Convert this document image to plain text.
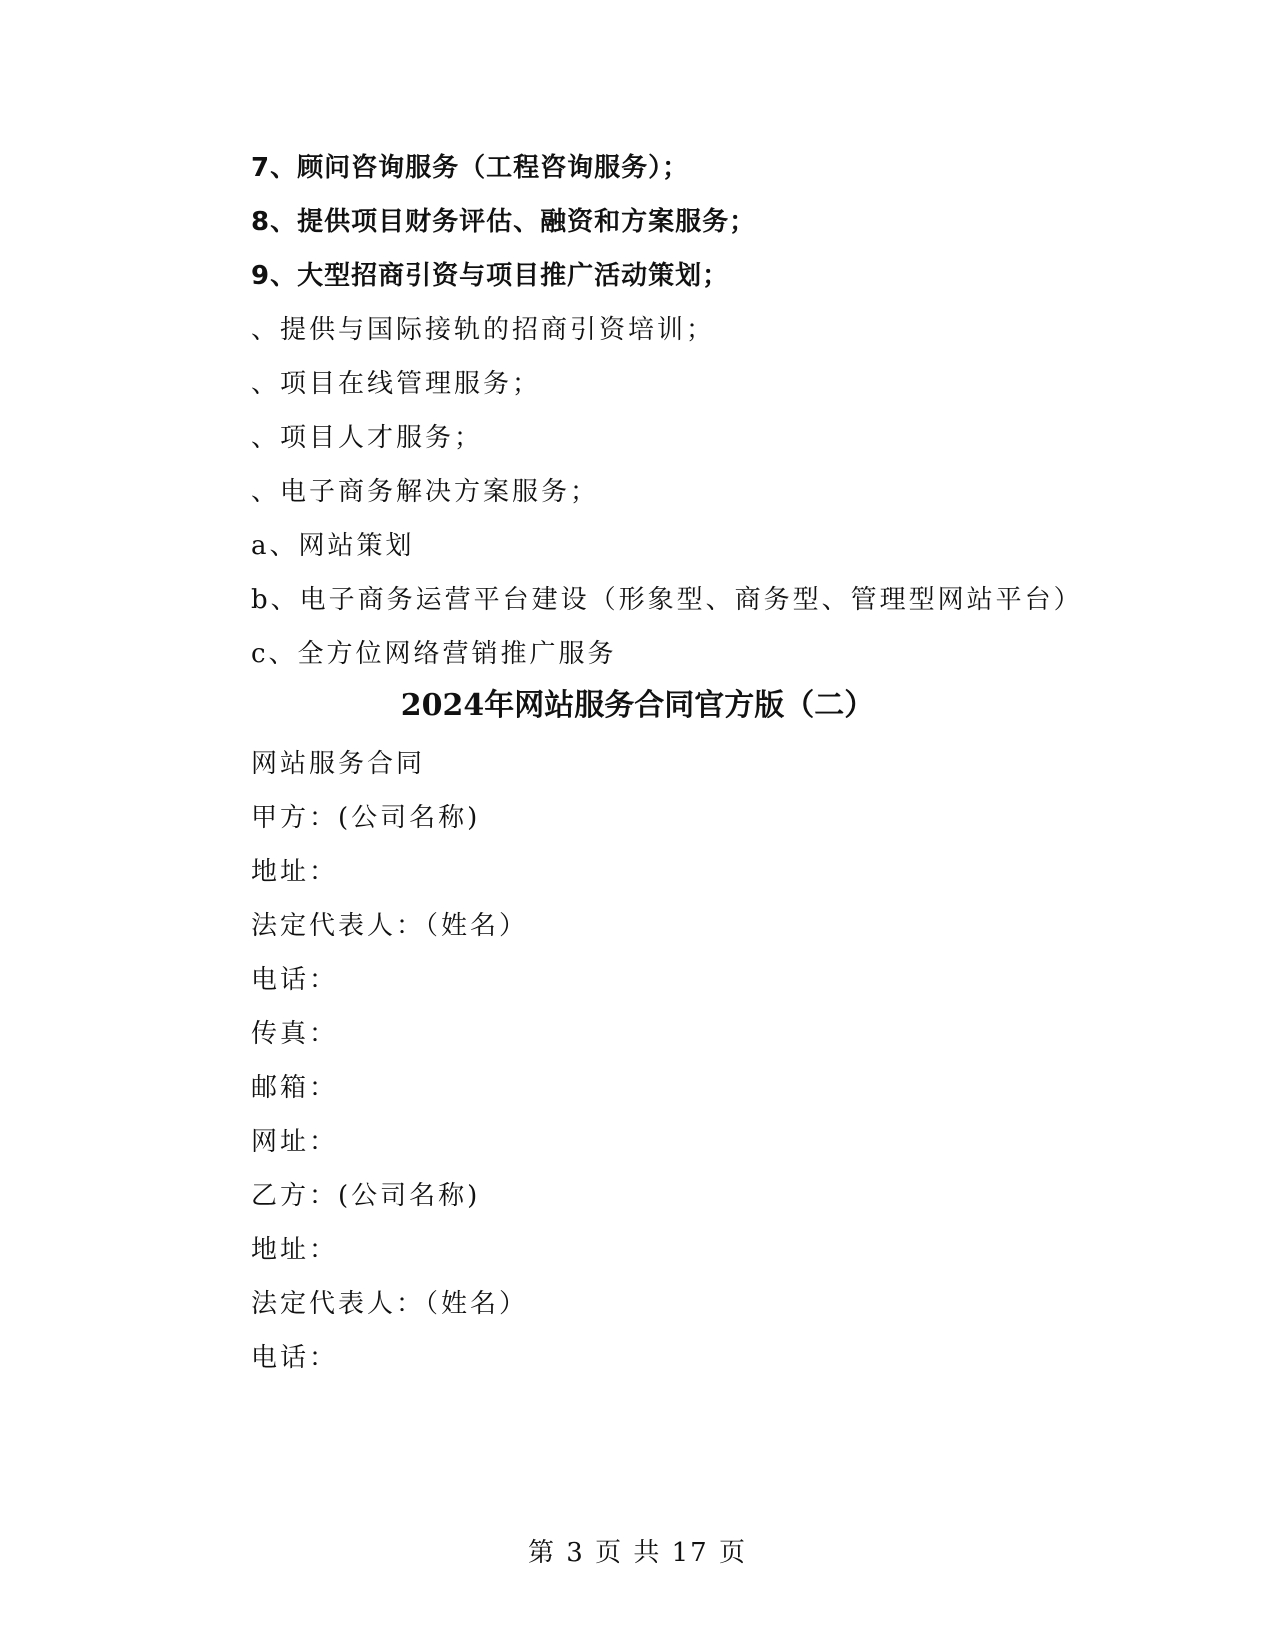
7、顾问咨询服务（工程咨询服务）；
8、提供项目财务评估、融资和方案服务；
9、大型招商引资与项目推广活动策划；
、提供与国际接轨的招商引资培训；
、项目在线管理服务；
、项目人才服务；
、电子商务解决方案服务；
a、网站策划
b、电子商务运营平台建设（形象型、商务型、管理型网站平台）
c、全方位网络营销推广服务
2024年网站服务合同官方版（二）
网站服务合同
甲方：(公司名称)
地址：
法定代表人：（姓名）
电话：
传真：
邮箱：
网址：
乙方：(公司名称)
地址：
法定代表人：（姓名）
电话：
第 3 页 共 17 页
